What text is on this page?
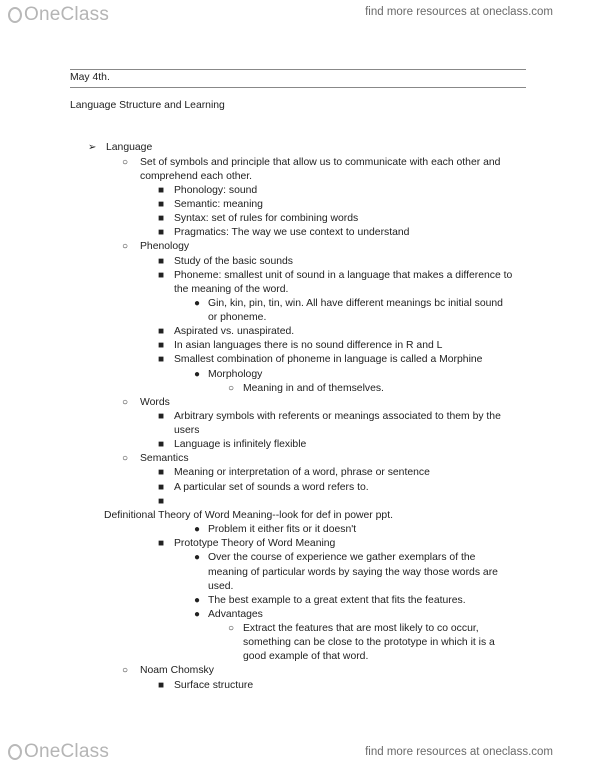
OneClass	find more resources at oneclass.com
May 4th.
Language Structure and Learning
➢ Language
○ Set of symbols and principle that allow us to communicate with each other and
comprehend each other.
■ Phonology: sound
■ Semantic: meaning
■ Syntax: set of rules for combining words
■ Pragmatics: The way we use context to understand
○ Phenology
■ Study of the basic sounds
■ Phoneme: smallest unit of sound in a language that makes a difference to
the meaning of the word.
● Gin, kin, pin, tin, win. All have different meanings bc initial sound
or phoneme.
■ Aspirated vs. unaspirated.
■ In asian languages there is no sound difference in R and L
■ Smallest combination of phoneme in language is called a Morphine
● Morphology
○ Meaning in and of themselves.
○ Words
■ Arbitrary symbols with referents or meanings associated to them by the
users
■ Language is infinitely flexible
○ Semantics
■ Meaning or interpretation of a word, phrase or sentence
■ A particular set of sounds a word refers to.
■
Definitional Theory of Word Meaning--look for def in power ppt.
● Problem it either fits or it doesn't
■ Prototype Theory of Word Meaning
● Over the course of experience we gather exemplars of the
meaning of particular words by saying the way those words are
used.
● The best example to a great extent that fits the features.
● Advantages
○ Extract the features that are most likely to co occur,
something can be close to the prototype in which it is a
good example of that word.
○ Noam Chomsky
■ Surface structure
OneClass	find more resources at oneclass.com
